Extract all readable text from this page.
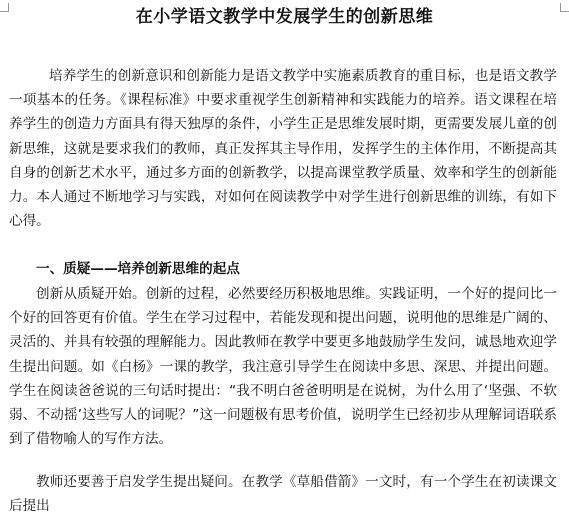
在小学语文教学中发展学生的创新思维
培养学生的创新意识和创新能力是语文教学中实施素质教育的重目标，也是语文教学一项基本的任务。《课程标准》中要求重视学生创新精神和实践能力的培养。语文课程在培养学生的创造力方面具有得天独厚的条件，小学生正是思维发展时期，更需要发展儿童的创新思维，这就是要求我们的教师，真正发挥其主导作用，发挥学生的主体作用，不断提高其自身的创新艺术水平，通过多方面的创新教学，以提高课堂教学质量、效率和学生的创新能力。本人通过不断地学习与实践，对如何在阅读教学中对学生进行创新思维的训练，有如下心得。
一、质疑——培养创新思维的起点
创新从质疑开始。创新的过程，必然要经历积极地思维。实践证明，一个好的提问比一个好的回答更有价值。学生在学习过程中，若能发现和提出问题，说明他的思维是广阔的、灵活的、并具有较强的理解能力。因此教师在教学中要更多地鼓励学生发问，诚恳地欢迎学生提出问题。如《白杨》一课的教学，我注意引导学生在阅读中多思、深思、并提出问题。学生在阅读爸爸说的三句话时提出：“我不明白爸爸明明是在说树，为什么用了‘坚强、不软弱、不动摇’这些写人的词呢？”这一问题极有思考价值，说明学生已经初步从理解词语联系到了借物喻人的写作方法。
教师还要善于启发学生提出疑问。在教学《草船借箭》一文时，有一个学生在初读课文后提出
